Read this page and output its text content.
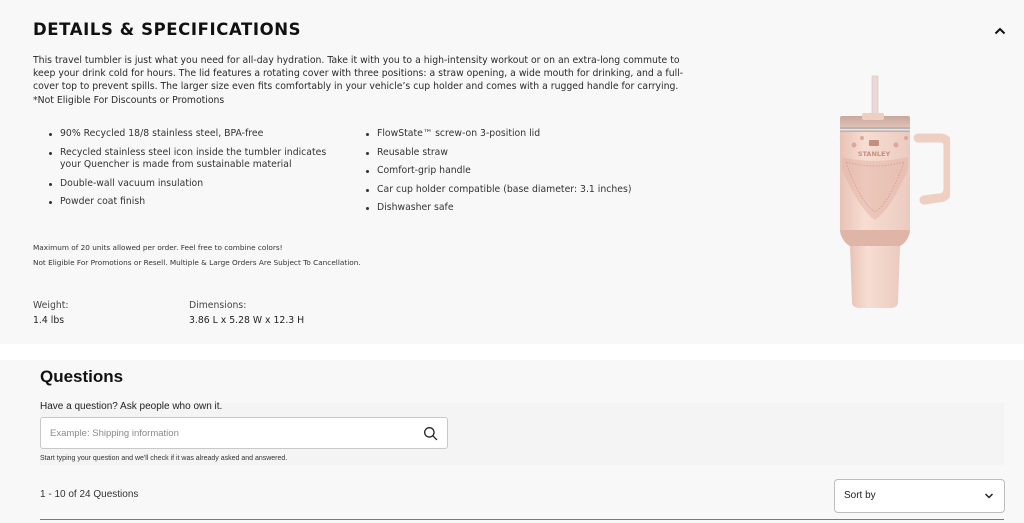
DETAILS & SPECIFICATIONS
This travel tumbler is just what you need for all-day hydration. Take it with you to a high-intensity workout or on an extra-long commute to
keep your drink cold for hours. The lid features a rotating cover with three positions: a straw opening, a wide mouth for drinking, and a full-
cover top to prevent spills. The larger size even fits comfortably in your vehicle’s cup holder and comes with a rugged handle for carrying.
*Not Eligible For Discounts or Promotions
90% Recycled 18/8 stainless steel, BPA-free
Recycled stainless steel icon inside the tumbler indicates your Quencher is made from sustainable material
Double-wall vacuum insulation
Powder coat finish
FlowState™ screw-on 3-position lid
Reusable straw
Comfort-grip handle
Car cup holder compatible (base diameter: 3.1 inches)
Dishwasher safe
Maximum of 20 units allowed per order. Feel free to combine colors!
Not Eligible For Promotions or Resell. Multiple & Large Orders Are Subject To Cancellation.
Weight:
1.4 lbs
Dimensions:
3.86 L x 5.28 W x 12.3 H
STANLEY
Questions
Have a question? Ask people who own it.
Example: Shipping information
Start typing your question and we'll check if it was already asked and answered.
1 - 10 of 24 Questions	Sort by
